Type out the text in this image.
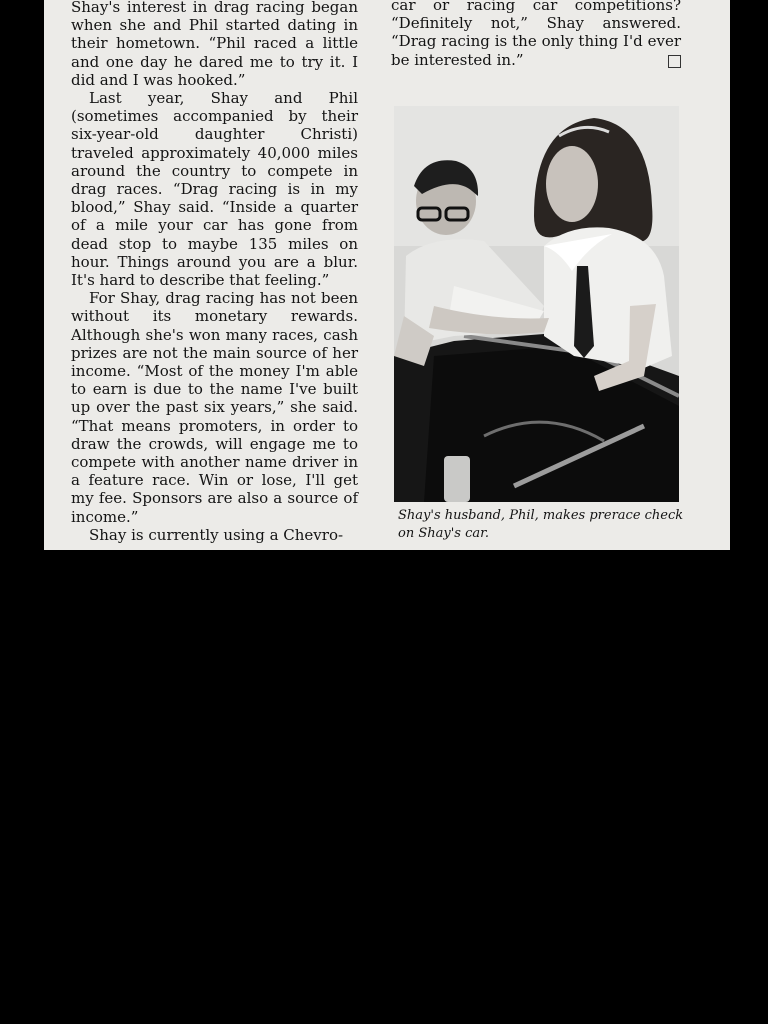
Shay's interest in drag racing began when she and Phil started dating in their hometown. “Phil raced a little and one day he dared me to try it. I did and I was hooked.”

Last year, Shay and Phil (sometimes accompanied by their six-year-old daughter Christi) traveled approximately 40,000 miles around the country to compete in drag races. “Drag racing is in my blood,” Shay said. “Inside a quarter of a mile your car has gone from dead stop to maybe 135 miles on hour. Things around you are a blur. It's hard to describe that feeling.”

For Shay, drag racing has not been without its monetary rewards. Although she's won many races, cash prizes are not the main source of her income. “Most of the money I'm able to earn is due to the name I've built up over the past six years,” she said. “That means promoters, in order to draw the crowds, will engage me to compete with another name driver in a feature race. Win or lose, I'll get my fee. Sponsors are also a source of income.”

Shay is currently using a Chevro-

car or racing car competitions? “Definitely not,” Shay answered. “Drag racing is the only thing I'd ever be interested in.”

Shay's husband, Phil, makes prerace check on Shay's car.
